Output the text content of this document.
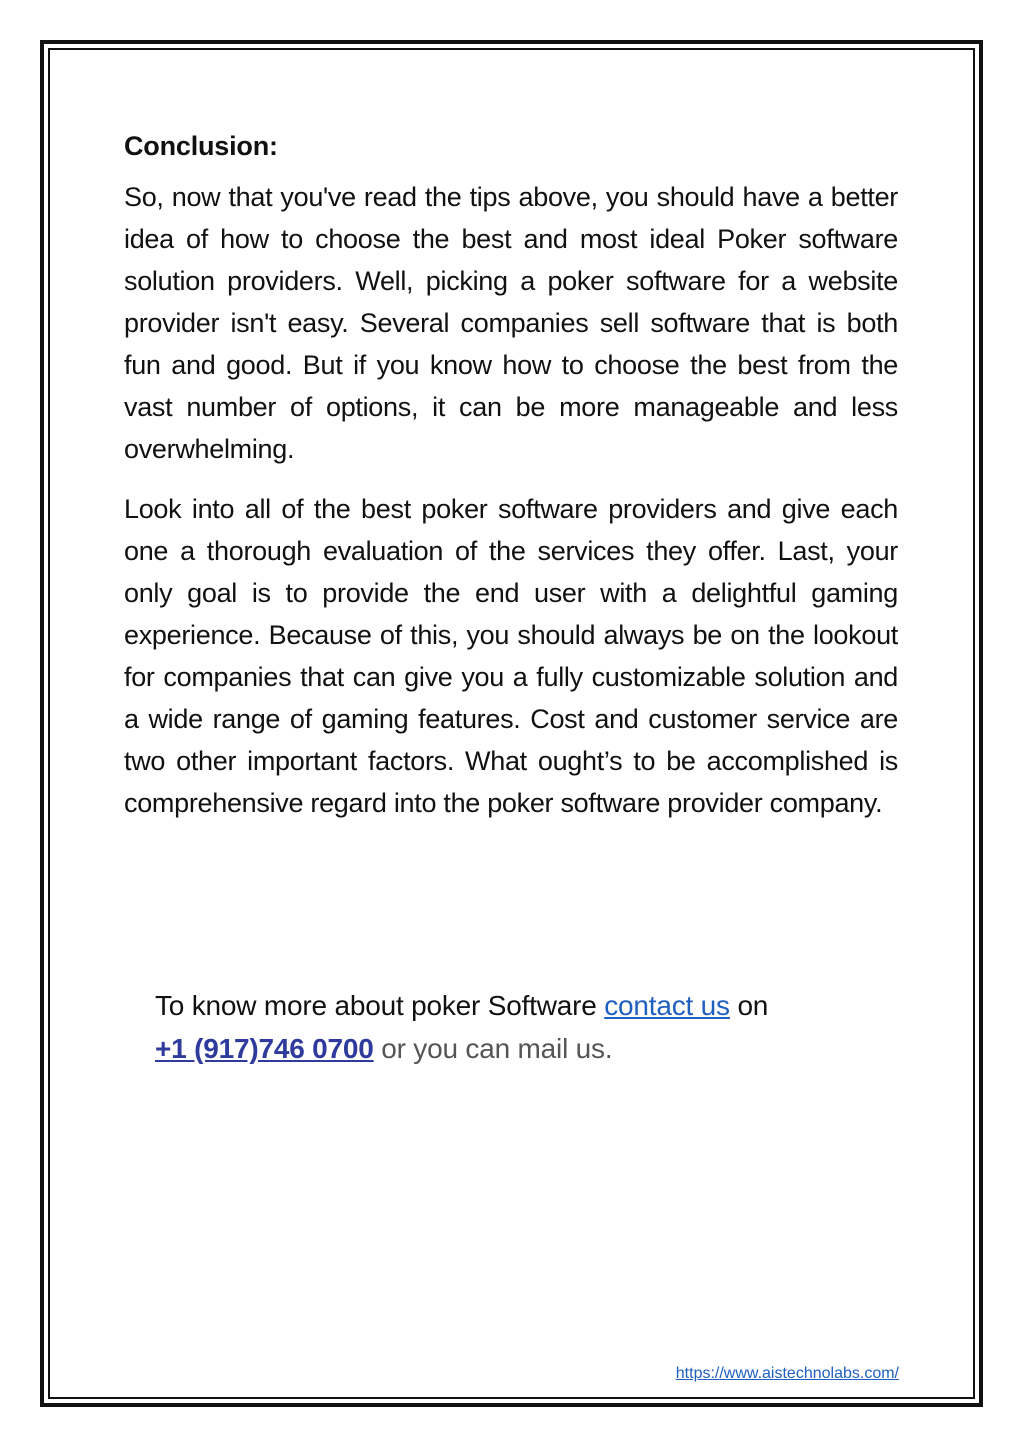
Conclusion:

So, now that you've read the tips above, you should have a better idea of how to choose the best and most ideal Poker software solution providers. Well, picking a poker software for a website provider isn't easy. Several companies sell software that is both fun and good. But if you know how to choose the best from the vast number of options, it can be more manageable and less overwhelming.

Look into all of the best poker software providers and give each one a thorough evaluation of the services they offer. Last, your only goal is to provide the end user with a delightful gaming experience. Because of this, you should always be on the lookout for companies that can give you a fully customizable solution and a wide range of gaming features. Cost and customer service are two other important factors. What ought’s to be accomplished is comprehensive regard into the poker software provider company.

To know more about poker Software contact us on
+1 (917)746 0700 or you can mail us.
https://www.aistechnolabs.com/
